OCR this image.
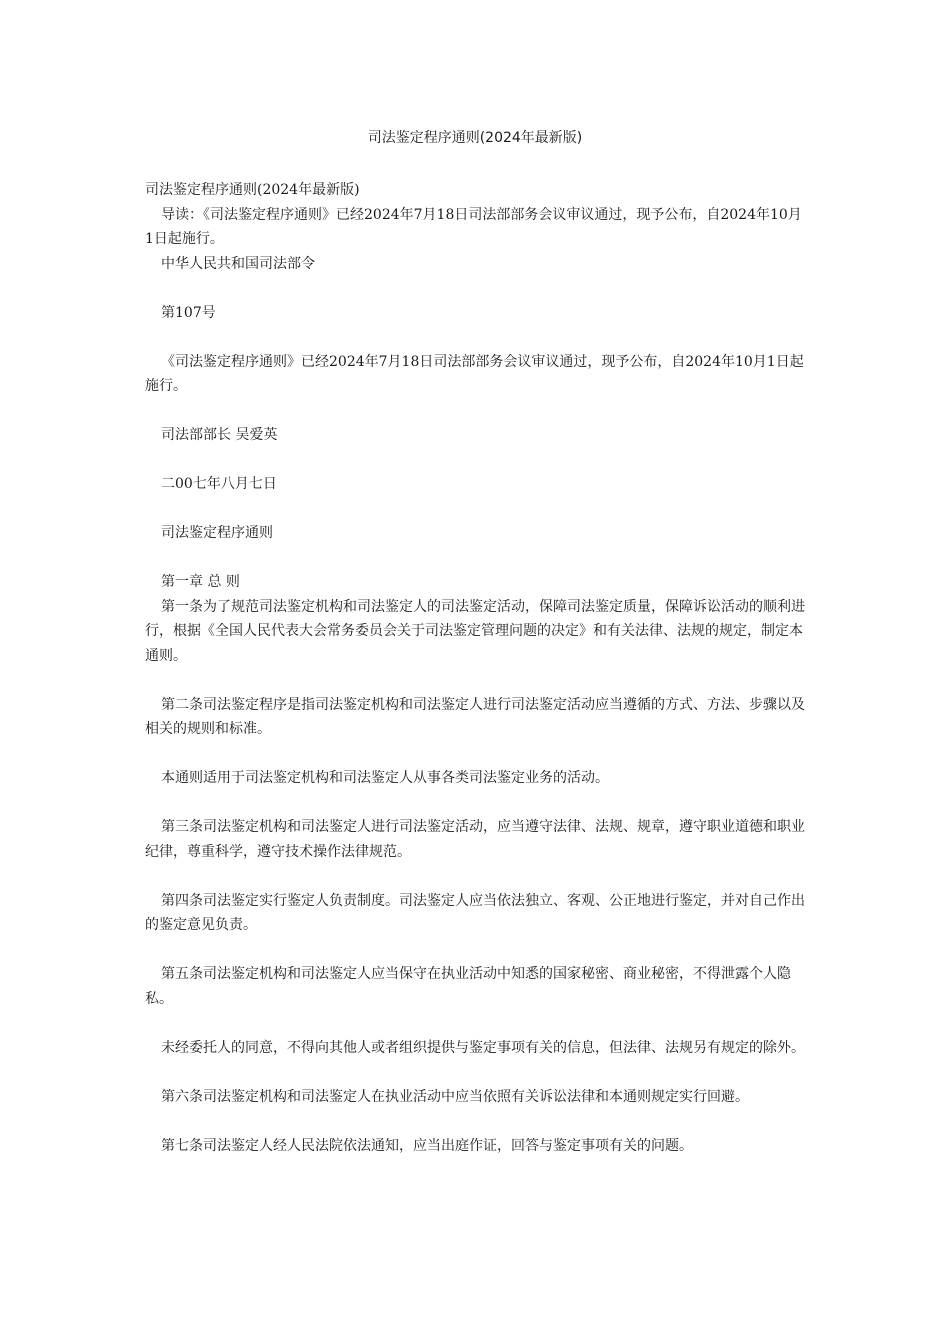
司法鉴定程序通则(2024年最新版)

司法鉴定程序通则(2024年最新版)

导读：《司法鉴定程序通则》已经2024年7月18日司法部部务会议审议通过，现予公布，自2024年10月1日起施行。

中华人民共和国司法部令

第107号

《司法鉴定程序通则》已经2024年7月18日司法部部务会议审议通过，现予公布，自2024年10月1日起施行。

司法部部长 吴爱英

二00七年八月七日

司法鉴定程序通则

第一章 总 则

第一条为了规范司法鉴定机构和司法鉴定人的司法鉴定活动，保障司法鉴定质量，保障诉讼活动的顺利进行，根据《全国人民代表大会常务委员会关于司法鉴定管理问题的决定》和有关法律、法规的规定，制定本通则。

第二条司法鉴定程序是指司法鉴定机构和司法鉴定人进行司法鉴定活动应当遵循的方式、方法、步骤以及相关的规则和标准。

本通则适用于司法鉴定机构和司法鉴定人从事各类司法鉴定业务的活动。

第三条司法鉴定机构和司法鉴定人进行司法鉴定活动，应当遵守法律、法规、规章，遵守职业道德和职业纪律，尊重科学，遵守技术操作法律规范。

第四条司法鉴定实行鉴定人负责制度。司法鉴定人应当依法独立、客观、公正地进行鉴定，并对自己作出的鉴定意见负责。

第五条司法鉴定机构和司法鉴定人应当保守在执业活动中知悉的国家秘密、商业秘密，不得泄露个人隐私。

未经委托人的同意，不得向其他人或者组织提供与鉴定事项有关的信息，但法律、法规另有规定的除外。

第六条司法鉴定机构和司法鉴定人在执业活动中应当依照有关诉讼法律和本通则规定实行回避。

第七条司法鉴定人经人民法院依法通知，应当出庭作证，回答与鉴定事项有关的问题。
